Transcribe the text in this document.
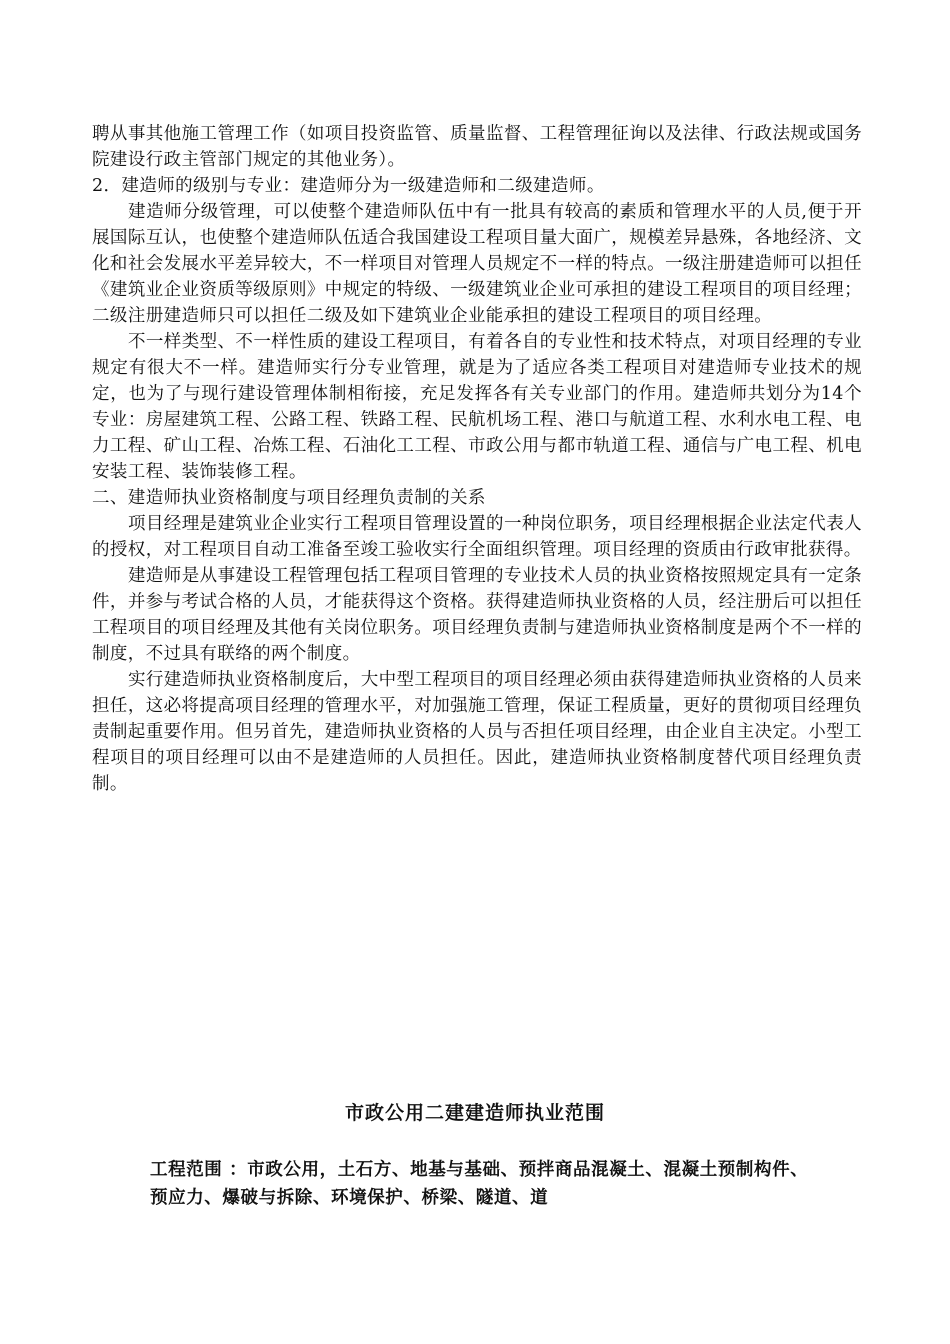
聘从事其他施工管理工作（如项目投资监管、质量监督、工程管理征询以及法律、行政法规或国务院建设行政主管部门规定的其他业务）。

2．建造师的级别与专业：建造师分为一级建造师和二级建造师。

建造师分级管理，可以使整个建造师队伍中有一批具有较高的素质和管理水平的人员,便于开展国际互认，也使整个建造师队伍适合我国建设工程项目量大面广，规模差异悬殊，各地经济、文化和社会发展水平差异较大，不一样项目对管理人员规定不一样的特点。一级注册建造师可以担任《建筑业企业资质等级原则》中规定的特级、一级建筑业企业可承担的建设工程项目的项目经理；二级注册建造师只可以担任二级及如下建筑业企业能承担的建设工程项目的项目经理。

不一样类型、不一样性质的建设工程项目，有着各自的专业性和技术特点，对项目经理的专业规定有很大不一样。建造师实行分专业管理，就是为了适应各类工程项目对建造师专业技术的规定，也为了与现行建设管理体制相衔接，充足发挥各有关专业部门的作用。建造师共划分为14个专业：房屋建筑工程、公路工程、铁路工程、民航机场工程、港口与航道工程、水利水电工程、电力工程、矿山工程、冶炼工程、石油化工工程、市政公用与都市轨道工程、通信与广电工程、机电安装工程、装饰装修工程。

二、建造师执业资格制度与项目经理负责制的关系

项目经理是建筑业企业实行工程项目管理设置的一种岗位职务，项目经理根据企业法定代表人的授权，对工程项目自动工准备至竣工验收实行全面组织管理。项目经理的资质由行政审批获得。

建造师是从事建设工程管理包括工程项目管理的专业技术人员的执业资格按照规定具有一定条件，并参与考试合格的人员，才能获得这个资格。获得建造师执业资格的人员，经注册后可以担任工程项目的项目经理及其他有关岗位职务。项目经理负责制与建造师执业资格制度是两个不一样的制度，不过具有联络的两个制度。

实行建造师执业资格制度后，大中型工程项目的项目经理必须由获得建造师执业资格的人员来担任，这必将提高项目经理的管理水平，对加强施工管理，保证工程质量，更好的贯彻项目经理负责制起重要作用。但另首先，建造师执业资格的人员与否担任项目经理，由企业自主决定。小型工程项目的项目经理可以由不是建造师的人员担任。因此，建造师执业资格制度替代项目经理负责制。

市政公用二建建造师执业范围

工程范围 ：市政公用，土石方、地基与基础、预拌商品混凝土、混凝土预制构件、预应力、爆破与拆除、环境保护、桥梁、隧道、道
